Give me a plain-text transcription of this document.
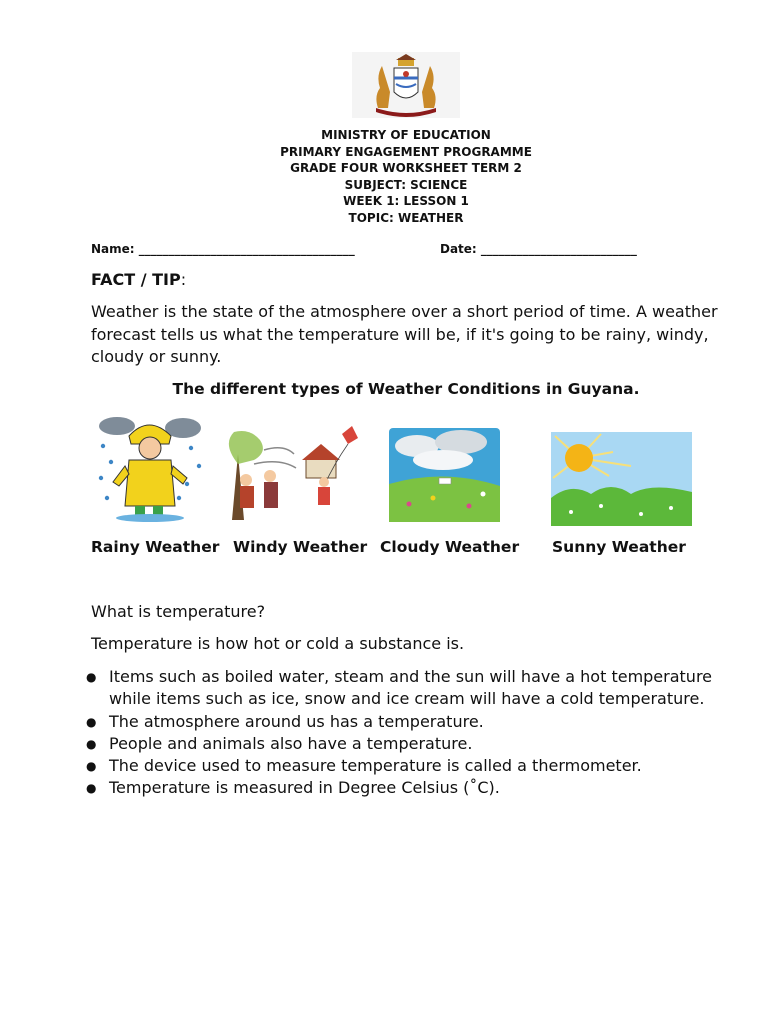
MINISTRY OF EDUCATION
PRIMARY ENGAGEMENT PROGRAMME
GRADE FOUR WORKSHEET TERM 2
SUBJECT: SCIENCE
WEEK 1: LESSON 1
TOPIC: WEATHER
Name: ____________________________________	Date: __________________________
FACT / TIP:
Weather is the state of the atmosphere over a short period of time. A weather forecast tells us what the temperature will be, if it's going to be rainy, windy, cloudy or sunny.
The different types of Weather Conditions in Guyana.
Rainy Weather Windy Weather Cloudy Weather Sunny Weather
What is temperature?
Temperature is how hot or cold a substance is.
● Items such as boiled water, steam and the sun will have a hot temperature while items such as ice, snow and ice cream will have a cold temperature.
● The atmosphere around us has a temperature.
● People and animals also have a temperature.
● The device used to measure temperature is called a thermometer.
● Temperature is measured in Degree Celsius (˚C).
